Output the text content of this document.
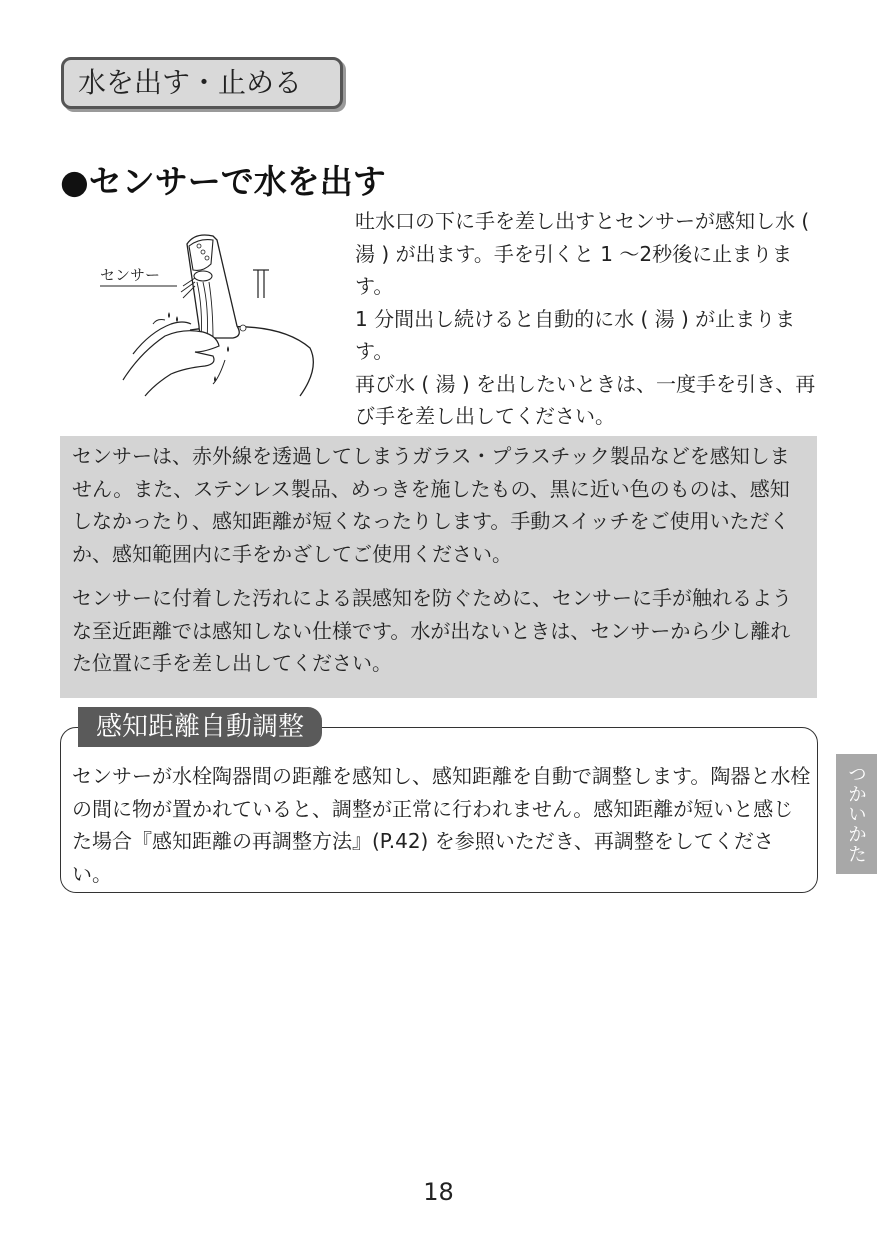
水を出す・止める
●センサーで水を出す
センサー

吐水口の下に手を差し出すとセンサーが感知し水 ( 湯 ) が出ます。手を引くと 1 ～2秒後に止まります。

1 分間出し続けると自動的に水 ( 湯 ) が止まります。

再び水 ( 湯 ) を出したいときは、一度手を引き、再び手を差し出してください。

センサーは、赤外線を透過してしまうガラス・プラスチック製品などを感知しません。また、ステンレス製品、めっきを施したもの、黒に近い色のものは、感知しなかったり、感知距離が短くなったりします。手動スイッチをご使用いただくか、感知範囲内に手をかざしてご使用ください。

センサーに付着した汚れによる誤感知を防ぐために、センサーに手が触れるような至近距離では感知しない仕様です。水が出ないときは、センサーから少し離れた位置に手を差し出してください。

感知距離自動調整

センサーが水栓陶器間の距離を感知し、感知距離を自動で調整します。陶器と水栓の間に物が置かれていると、調整が正常に行われません。感知距離が短いと感じた場合『感知距離の再調整方法』(P.42) を参照いただき、再調整をしてください。

つかいかた
18
